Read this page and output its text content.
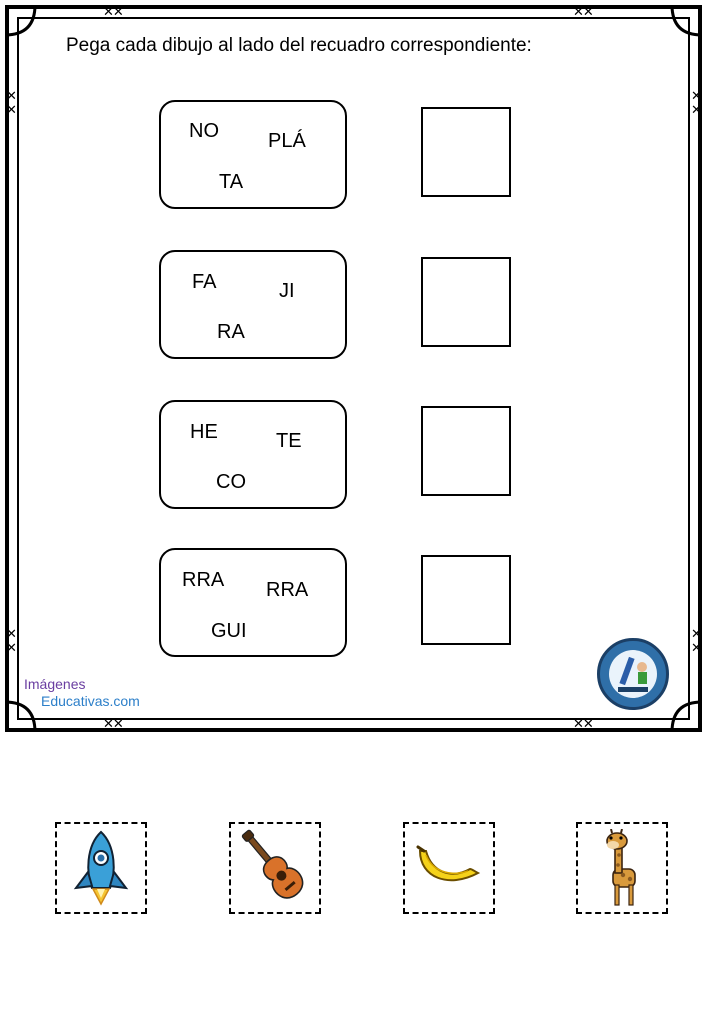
✕✕	✕✕
✕✕	✕✕
✕
✕
✕
✕
✕
✕
✕
✕
Pega cada dibujo al lado del recuadro correspondiente:
NO PLÁ
TA
FA	JI
RA
HE	TE
CO
RRA RRA
GUI
Imágenes
Educativas.com
